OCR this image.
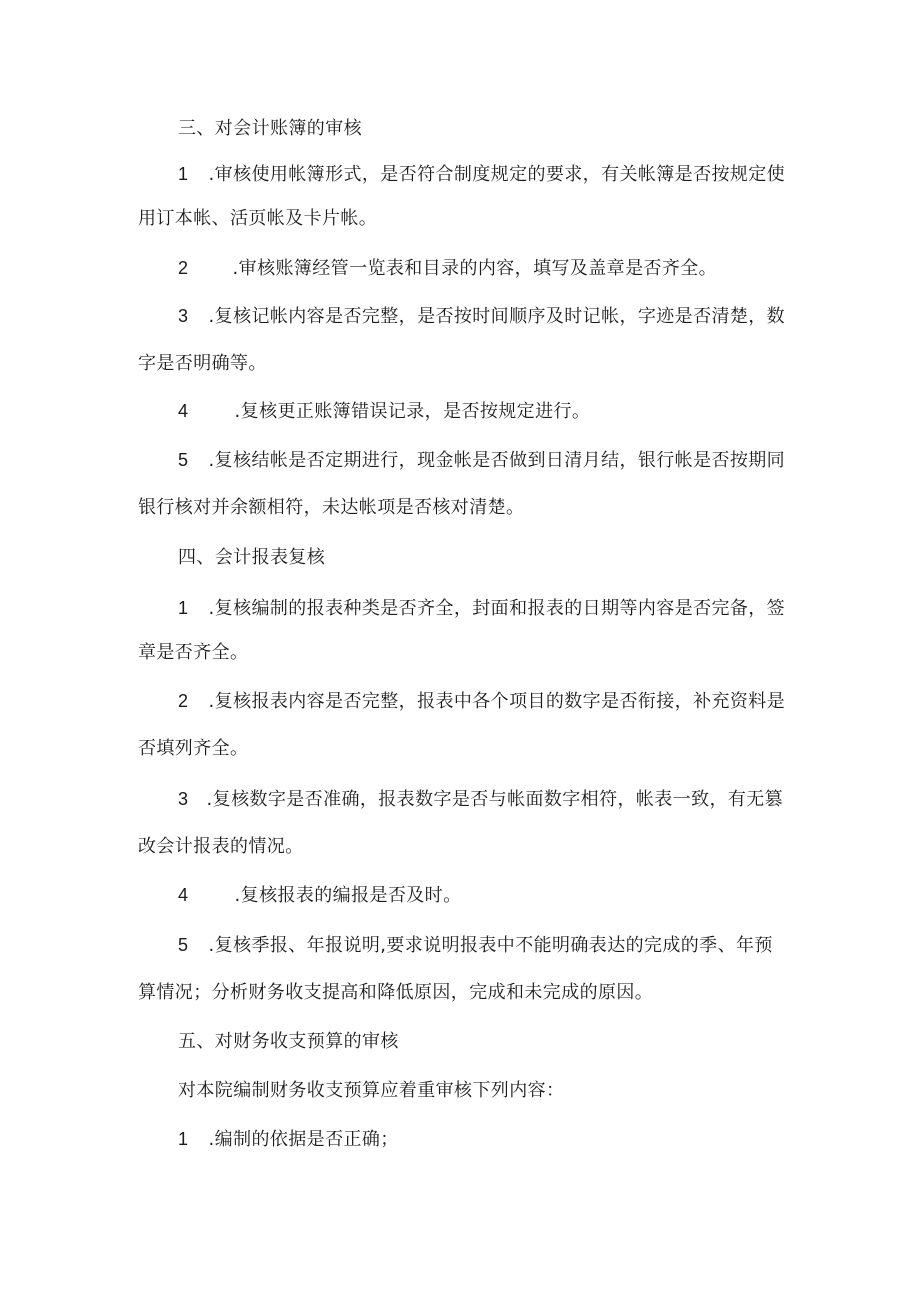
三、对会计账簿的审核
1 .审核使用帐簿形式，是否符合制度规定的要求，有关帐簿是否按规定使
用订本帐、活页帐及卡片帐。
2 .审核账簿经管一览表和目录的内容，填写及盖章是否齐全。
3 .复核记帐内容是否完整，是否按时间顺序及时记帐，字迹是否清楚，数
字是否明确等。
4	.复核更正账簿错误记录，是否按规定进行。
5 .复核结帐是否定期进行，现金帐是否做到日清月结，银行帐是否按期同
银行核对并余额相符，未达帐项是否核对清楚。
四、会计报表复核
1 .复核编制的报表种类是否齐全，封面和报表的日期等内容是否完备，签
章是否齐全。
2 .复核报表内容是否完整，报表中各个项目的数字是否衔接，补充资料是
否填列齐全。
3 .复核数字是否准确，报表数字是否与帐面数字相符，帐表一致，有无篡
改会计报表的情况。
4	.复核报表的编报是否及时。
5 .复核季报、年报说明,要求说明报表中不能明确表达的完成的季、年预
算情况；分析财务收支提高和降低原因，完成和未完成的原因。
五、对财务收支预算的审核
对本院编制财务收支预算应着重审核下列内容：
1 .编制的依据是否正确；
